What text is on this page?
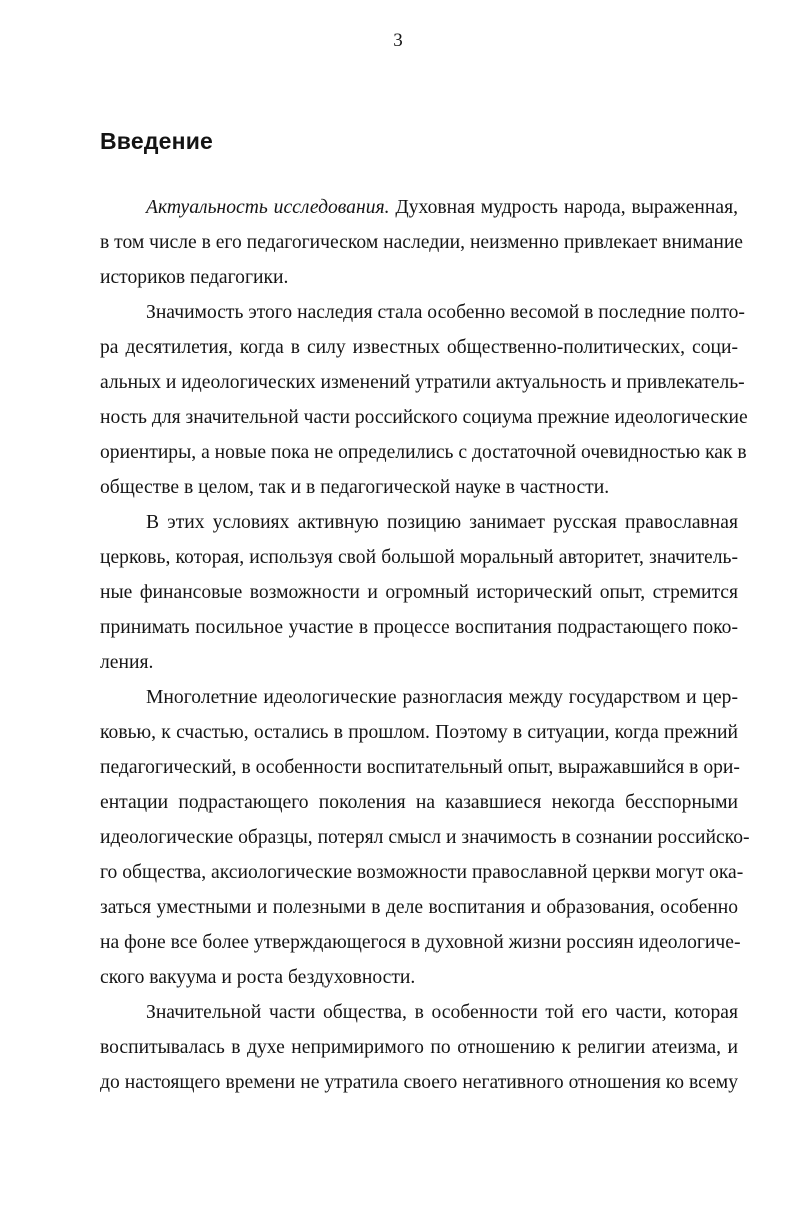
3
Введение
Актуальность исследования. Духовная мудрость народа, выраженная,
в том числе в его педагогическом наследии, неизменно привлекает внимание
историков педагогики.
Значимость этого наследия стала особенно весомой в последние полто-
ра десятилетия, когда в силу известных общественно-политических, соци-
альных и идеологических изменений утратили актуальность и привлекатель-
ность для значительной части российского социума прежние идеологические
ориентиры, а новые пока не определились с достаточной очевидностью как в
обществе в целом, так и в педагогической науке в частности.
В этих условиях активную позицию занимает русская православная
церковь, которая, используя свой большой моральный авторитет, значитель-
ные финансовые возможности и огромный исторический опыт, стремится
принимать посильное участие в процессе воспитания подрастающего поко-
ления.
Многолетние идеологические разногласия между государством и цер-
ковью, к счастью, остались в прошлом. Поэтому в ситуации, когда прежний
педагогический, в особенности воспитательный опыт, выражавшийся в ори-
ентации подрастающего поколения на казавшиеся некогда бесспорными
идеологические образцы, потерял смысл и значимость в сознании российско-
го общества, аксиологические возможности православной церкви могут ока-
заться уместными и полезными в деле воспитания и образования, особенно
на фоне все более утверждающегося в духовной жизни россиян идеологиче-
ского вакуума и роста бездуховности.
Значительной части общества, в особенности той его части, которая
воспитывалась в духе непримиримого по отношению к религии атеизма, и
до настоящего времени не утратила своего негативного отношения ко всему
